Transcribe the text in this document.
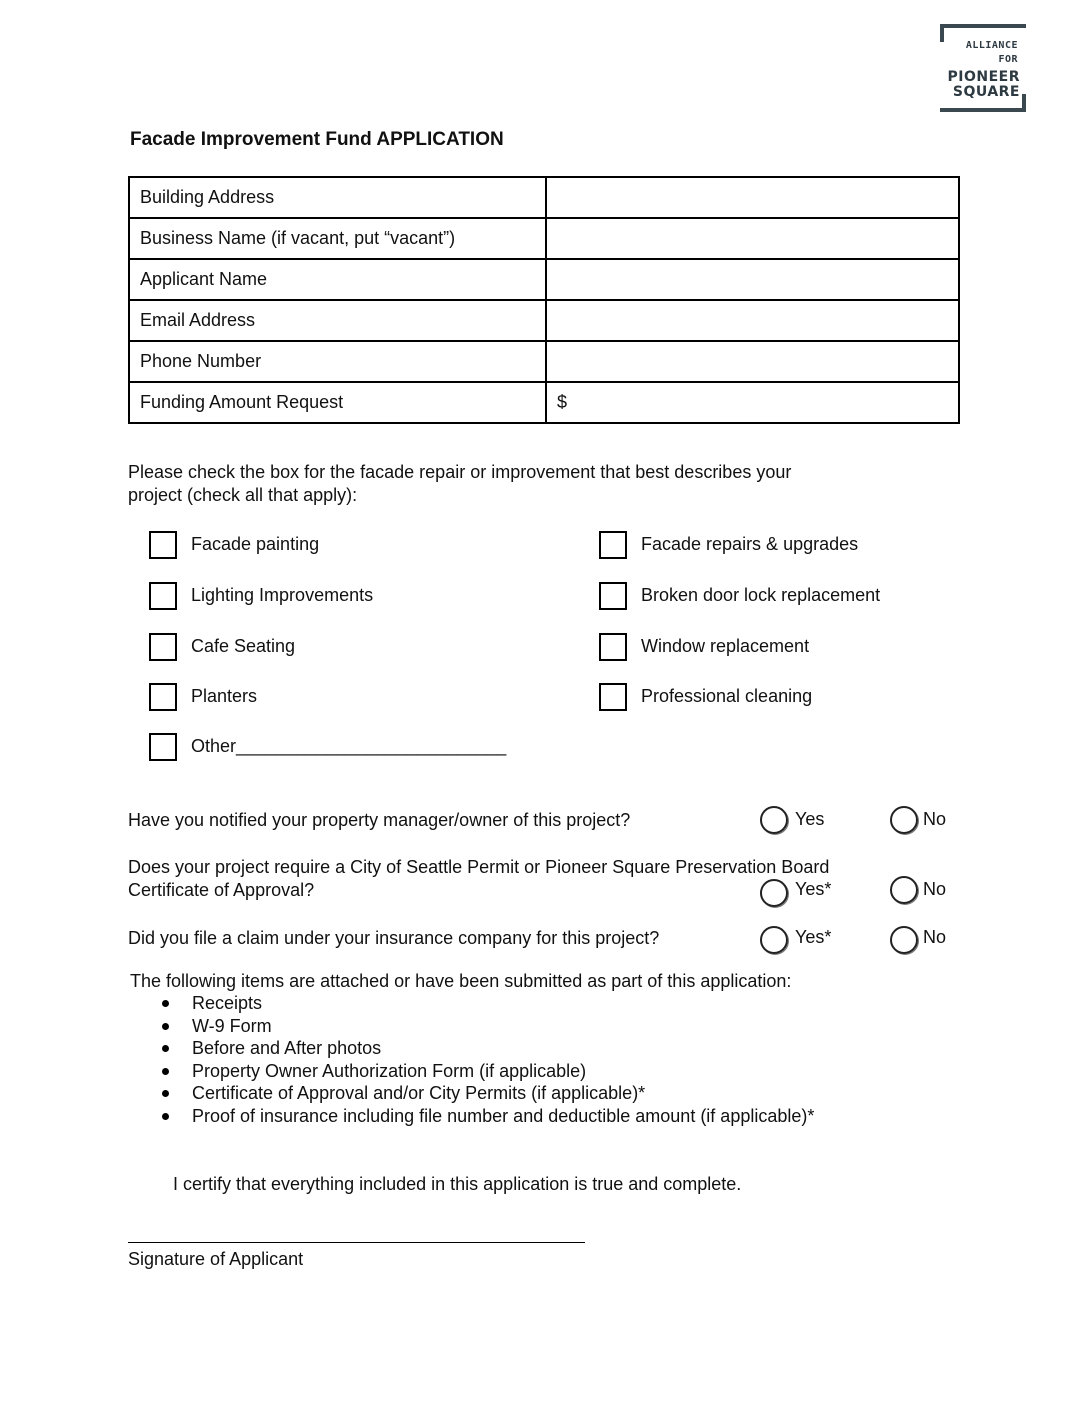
ALLIANCE
FOR
PIONEER
SQUARE
Facade Improvement Fund APPLICATION
Building Address	
Business Name (if vacant, put “vacant”)	
Applicant Name	
Email Address	
Phone Number	
Funding Amount Request	$
Please check the box for the facade repair or improvement that best describes your
project (check all that apply):
Facade painting
Lighting Improvements
Cafe Seating
Planters
Other___________________________
Facade repairs & upgrades
Broken door lock replacement
Window replacement
Professional cleaning
Have you notified your property manager/owner of this project?	Yes	No
Does your project require a City of Seattle Permit or Pioneer Square Preservation Board
Certificate of Approval?	Yes*	No
Did you file a claim under your insurance company for this project?	Yes*	No
The following items are attached or have been submitted as part of this application:
Receipts
W-9 Form
Before and After photos
Property Owner Authorization Form (if applicable)
Certificate of Approval and/or City Permits (if applicable)*
Proof of insurance including file number and deductible amount (if applicable)*
I certify that everything included in this application is true and complete.
Signature of Applicant
